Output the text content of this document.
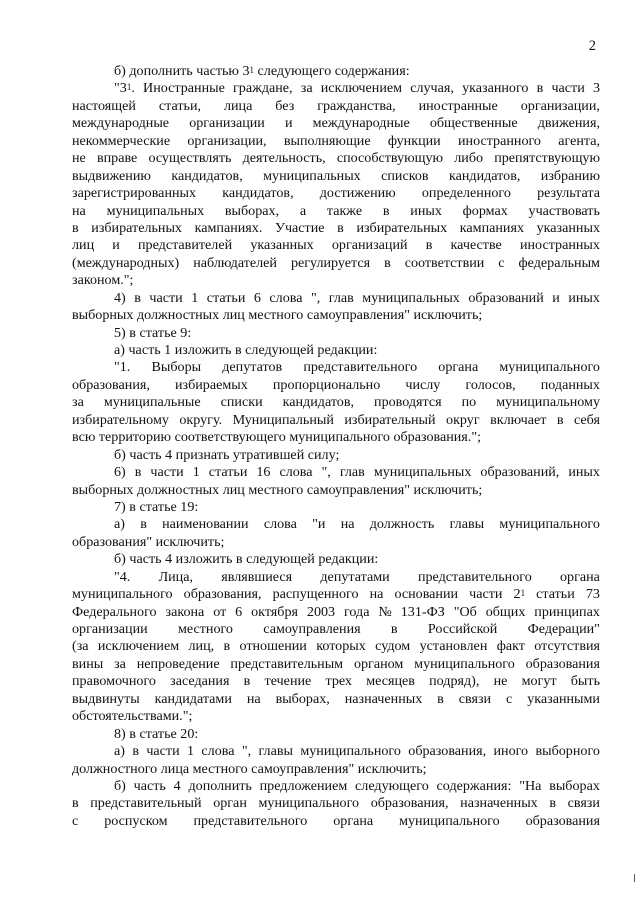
2
б) дополнить частью $3^1$ следующего содержания:
"$3^1$. Иностранные граждане, за исключением случая, указанного в части 3
настоящей статьи, лица без гражданства, иностранные организации,
международные организации и международные общественные движения,
некоммерческие организации, выполняющие функции иностранного агента,
не вправе осуществлять деятельность, способствующую либо препятствующую
выдвижению кандидатов, муниципальных списков кандидатов, избранию
зарегистрированных кандидатов, достижению определенного результата
на муниципальных выборах, а также в иных формах участвовать
в избирательных кампаниях. Участие в избирательных кампаниях указанных
лиц и представителей указанных организаций в качестве иностранных
(международных) наблюдателей регулируется в соответствии с федеральным
законом.";
4) в части 1 статьи 6 слова ", глав муниципальных образований и иных
выборных должностных лиц местного самоуправления" исключить;
5) в статье 9:
а) часть 1 изложить в следующей редакции:
"1. Выборы депутатов представительного органа муниципального
образования, избираемых пропорционально числу голосов, поданных
за муниципальные списки кандидатов, проводятся по муниципальному
избирательному округу. Муниципальный избирательный округ включает в себя
всю территорию соответствующего муниципального образования.";
б) часть 4 признать утратившей силу;
6) в части 1 статьи 16 слова ", глав муниципальных образований, иных
выборных должностных лиц местного самоуправления" исключить;
7) в статье 19:
а) в наименовании слова "и на должность главы муниципального
образования" исключить;
б) часть 4 изложить в следующей редакции:
"4. Лица, являвшиеся депутатами представительного органа
муниципального образования, распущенного на основании части $2^1$ статьи 73
Федерального закона от 6 октября 2003 года № 131-ФЗ "Об общих принципах
организации местного самоуправления в Российской Федерации"
(за исключением лиц, в отношении которых судом установлен факт отсутствия
вины за непроведение представительным органом муниципального образования
правомочного заседания в течение трех месяцев подряд), не могут быть
выдвинуты кандидатами на выборах, назначенных в связи с указанными
обстоятельствами.";
8) в статье 20:
а) в части 1 слова ", главы муниципального образования, иного выборного
должностного лица местного самоуправления" исключить;
б) часть 4 дополнить предложением следующего содержания: "На выборах
в представительный орган муниципального образования, назначенных в связи
с роспуском представительного органа муниципального образования
